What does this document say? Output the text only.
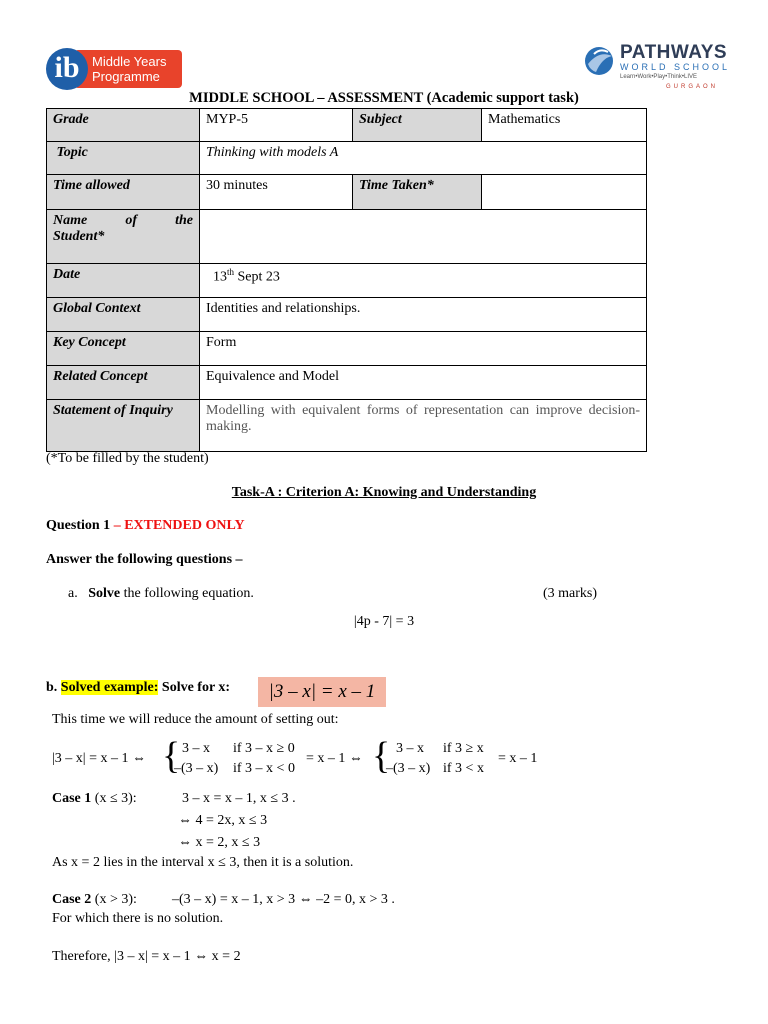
ib Middle Years
Programme
PATHWAYS
WORLD SCHOOL
Learn•Work•Play•Think•LIVE
GURGAON
MIDDLE SCHOOL – ASSESSMENT (Academic support task)
Grade	MYP-5	Subject	Mathematics
Topic	Thinking with models A		
Time allowed	30 minutes	Time Taken*	

Name of the
Student*			

Date	13th Sept 23		
Global Context	Identities and relationships.		
Key Concept	Form		
Related Concept	Equivalence and Model		
Statement of Inquiry	Modelling with equivalent forms of representation can improve decision-making.		
(*To be filled by the student)
Task-A : Criterion A: Knowing and Understanding
Question 1 – EXTENDED ONLY
Answer the following questions –
a. Solve the following equation.	(3 marks)
|4p - 7| = 3
b. Solved example: Solve for x:	|3 – x| = x – 1
This time we will reduce the amount of setting out:
|3 – x| = x – 1 ⇔ { 3 – x if 3 – x ≥ 0
–(3 – x) if 3 – x < 0
= x – 1 ⇔ { 3 – x if 3 ≥ x
–(3 – x) if 3 < x
= x – 1
Case 1 (x ≤ 3):	3 – x = x – 1, x ≤ 3 .
⇔ 4 = 2x, x ≤ 3
⇔ x = 2, x ≤ 3
As x = 2 lies in the interval x ≤ 3, then it is a solution.
Case 2 (x > 3):	–(3 – x) = x – 1, x > 3 ⇔ –2 = 0, x > 3 .
For which there is no solution.
Therefore, |3 – x| = x – 1 ⇔ x = 2
